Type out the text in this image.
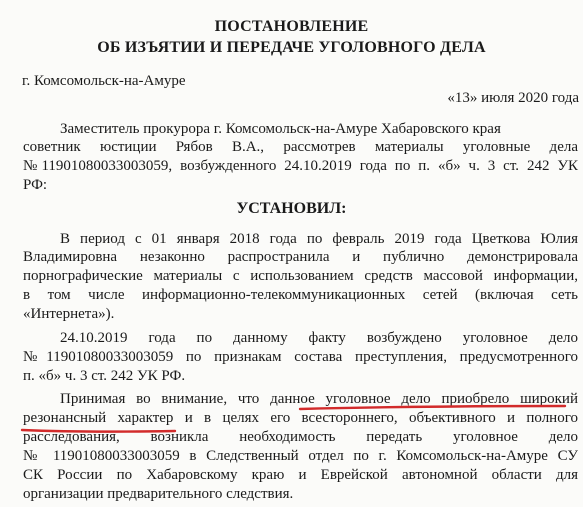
ПОСТАНОВЛЕНИЕ
ОБ ИЗЪЯТИИ И ПЕРЕДАЧЕ УГОЛОВНОГО ДЕЛА
г. Комсомольск-на-Амуре
«13» июля 2020 года
Заместитель прокурора г. Комсомольск-на-Амуре Хабаровского края
советник юстиции Рябов В.А., рассмотрев материалы уголовные дела
№11901080033003059, возбужденного 24.10.2019 года по п. «б» ч. 3 ст. 242 УК
РФ:
УСТАНОВИЛ:
В период с 01 января 2018 года по февраль 2019 года Цветкова Юлия
Владимировна незаконно распространила и публично демонстрировала
порнографические материалы с использованием средств массовой информации,
в том числе информационно-телекоммуникационных сетей (включая сеть
«Интернета»).
24.10.2019 года по данному факту возбуждено уголовное дело
№11901080033003059 по признакам состава преступления, предусмотренного
п. «б» ч. 3 ст. 242 УК РФ.
Принимая во внимание, что данное уголовное дело приобрело широкий
резонансный характер и в целях его всестороннего, объективного и полного
расследования, возникла необходимость передать уголовное дело
№ 11901080033003059 в Следственный отдел по г. Комсомольск-на-Амуре СУ
СК России по Хабаровскому краю и Еврейской автономной области для
организации предварительного следствия.
